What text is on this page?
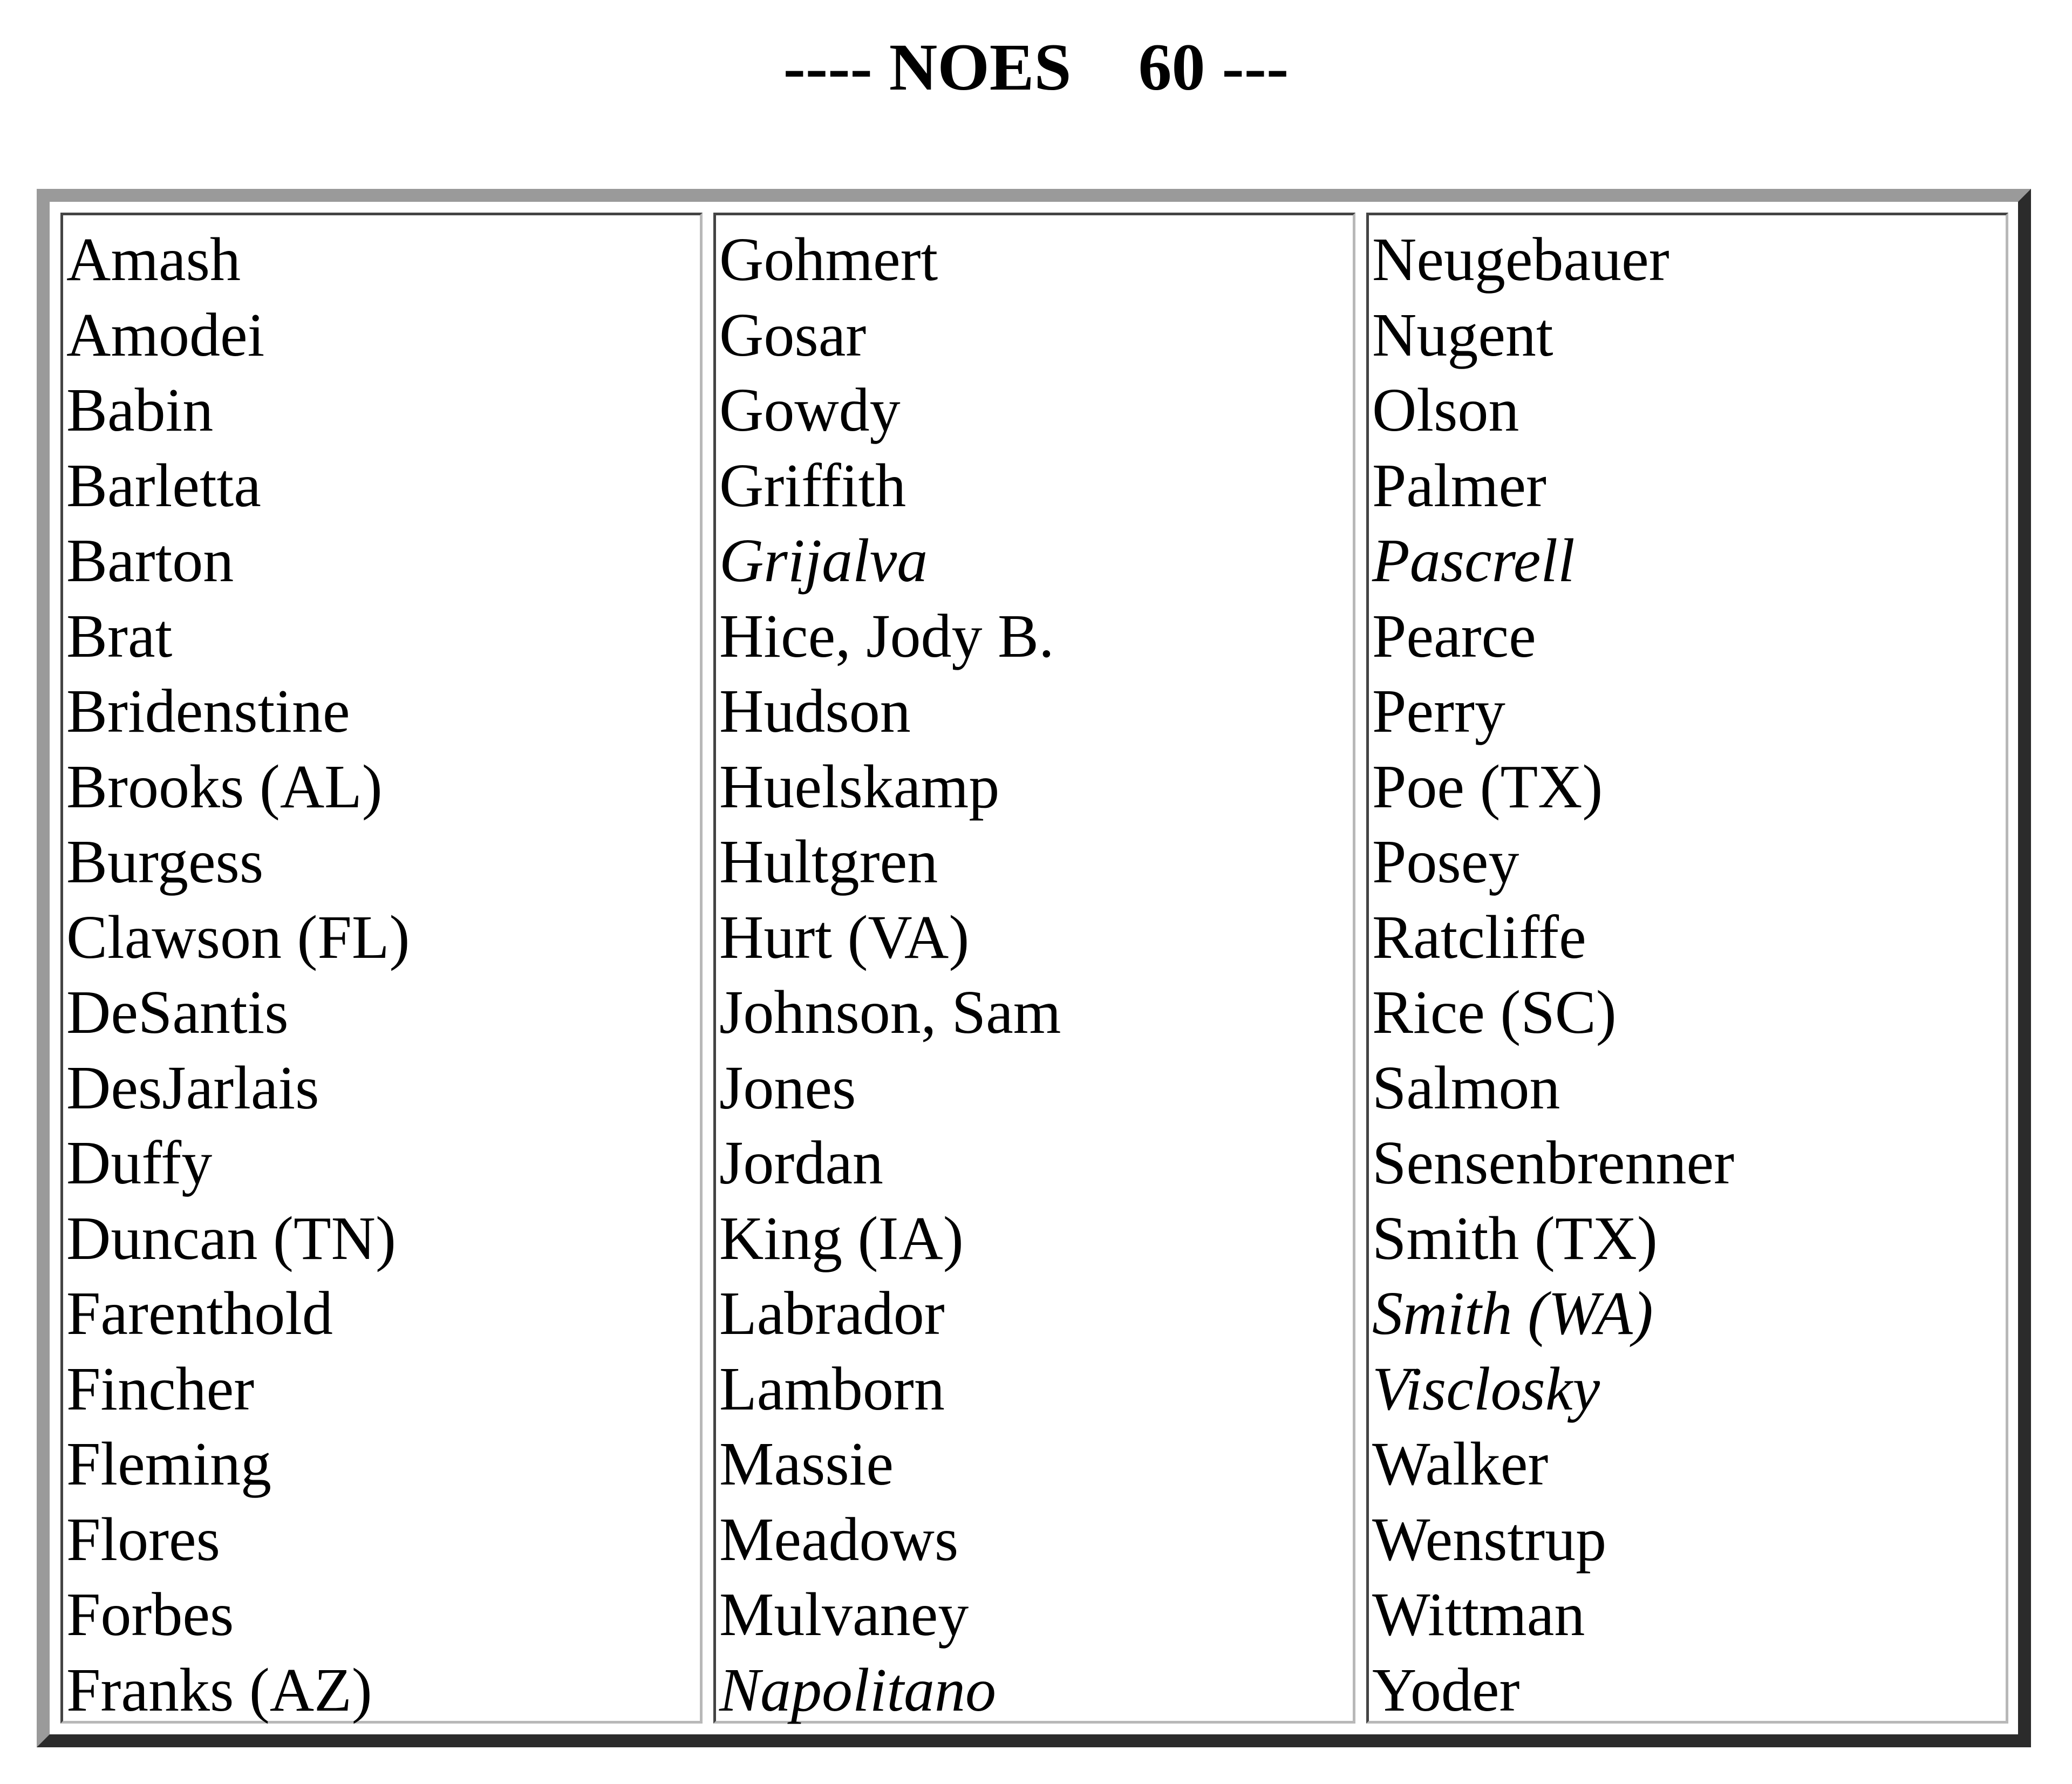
---- NOES    60 ---
Amash
Amodei
Babin
Barletta
Barton
Brat
Bridenstine
Brooks (AL)
Burgess
Clawson (FL)
DeSantis
DesJarlais
Duffy
Duncan (TN)
Farenthold
Fincher
Fleming
Flores
Forbes
Franks (AZ)
Gohmert
Gosar
Gowdy
Griffith
Grijalva
Hice, Jody B.
Hudson
Huelskamp
Hultgren
Hurt (VA)
Johnson, Sam
Jones
Jordan
King (IA)
Labrador
Lamborn
Massie
Meadows
Mulvaney
Napolitano
Neugebauer
Nugent
Olson
Palmer
Pascrell
Pearce
Perry
Poe (TX)
Posey
Ratcliffe
Rice (SC)
Salmon
Sensenbrenner
Smith (TX)
Smith (WA)
Visclosky
Walker
Wenstrup
Wittman
Yoder
